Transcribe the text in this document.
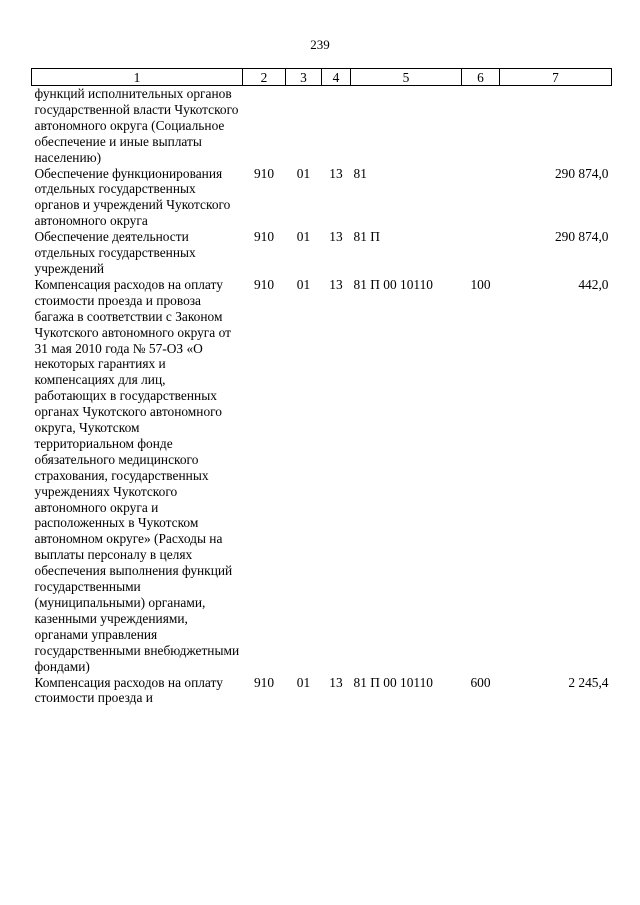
239
1	2	3	4	5	6	7
функций исполнительных органов государственной власти Чукотского автономного округа (Социальное обеспечение и иные выплаты населению)						
Обеспечение функционирования отдельных государственных органов и учреждений Чукотского автономного округа	910	01	13	81		290 874,0
Обеспечение деятельности отдельных государственных учреждений	910	01	13	81 П		290 874,0
Компенсация расходов на оплату стоимости проезда и провоза багажа в соответствии с Законом Чукотского автономного округа от 31 мая 2010 года № 57-ОЗ «О некоторых гарантиях и компенсациях для лиц, работающих в государственных органах Чукотского автономного округа, Чукотском территориальном фонде обязательного медицинского страхования, государственных учреждениях Чукотского автономного округа и расположенных в Чукотском автономном округе» (Расходы на выплаты персоналу в целях обеспечения выполнения функций государственными (муниципальными) органами, казенными учреждениями, органами управления государственными внебюджетными фондами)	910	01	13	81 П 00 10110	100	442,0
Компенсация расходов на оплату стоимости проезда и	910	01	13	81 П 00 10110	600	2 245,4
